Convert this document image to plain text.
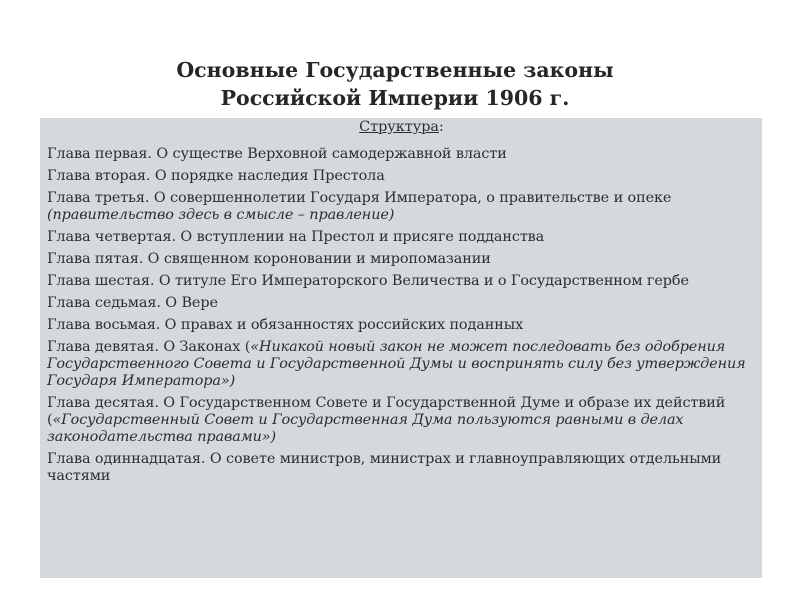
Основные Государственные законы
Российской Империи 1906 г.
Структура:
Глава первая. О существе Верховной самодержавной власти
Глава вторая. О порядке наследия Престола
Глава третья. О совершеннолетии Государя Императора, о правительстве и опеке (правительство здесь в смысле – правление)
Глава четвертая. О вступлении на Престол и присяге подданства
Глава пятая. О священном короновании и миропомазании
Глава шестая. О титуле Его Императорского Величества и о Государственном гербе
Глава седьмая. О Вере
Глава восьмая. О правах и обязанностях российских поданных
Глава девятая. О Законах («Никакой новый закон не может последовать без одобрения Государственного Совета и Государственной Думы и воспринять силу без утверждения Государя Императора»)
Глава десятая. О Государственном Совете и Государственной Думе и образе их действий («Государственный Совет и Государственная Дума пользуются равными в делах законодательства правами»)
Глава одиннадцатая. О совете министров, министрах и главноуправляющих отдельными частями
